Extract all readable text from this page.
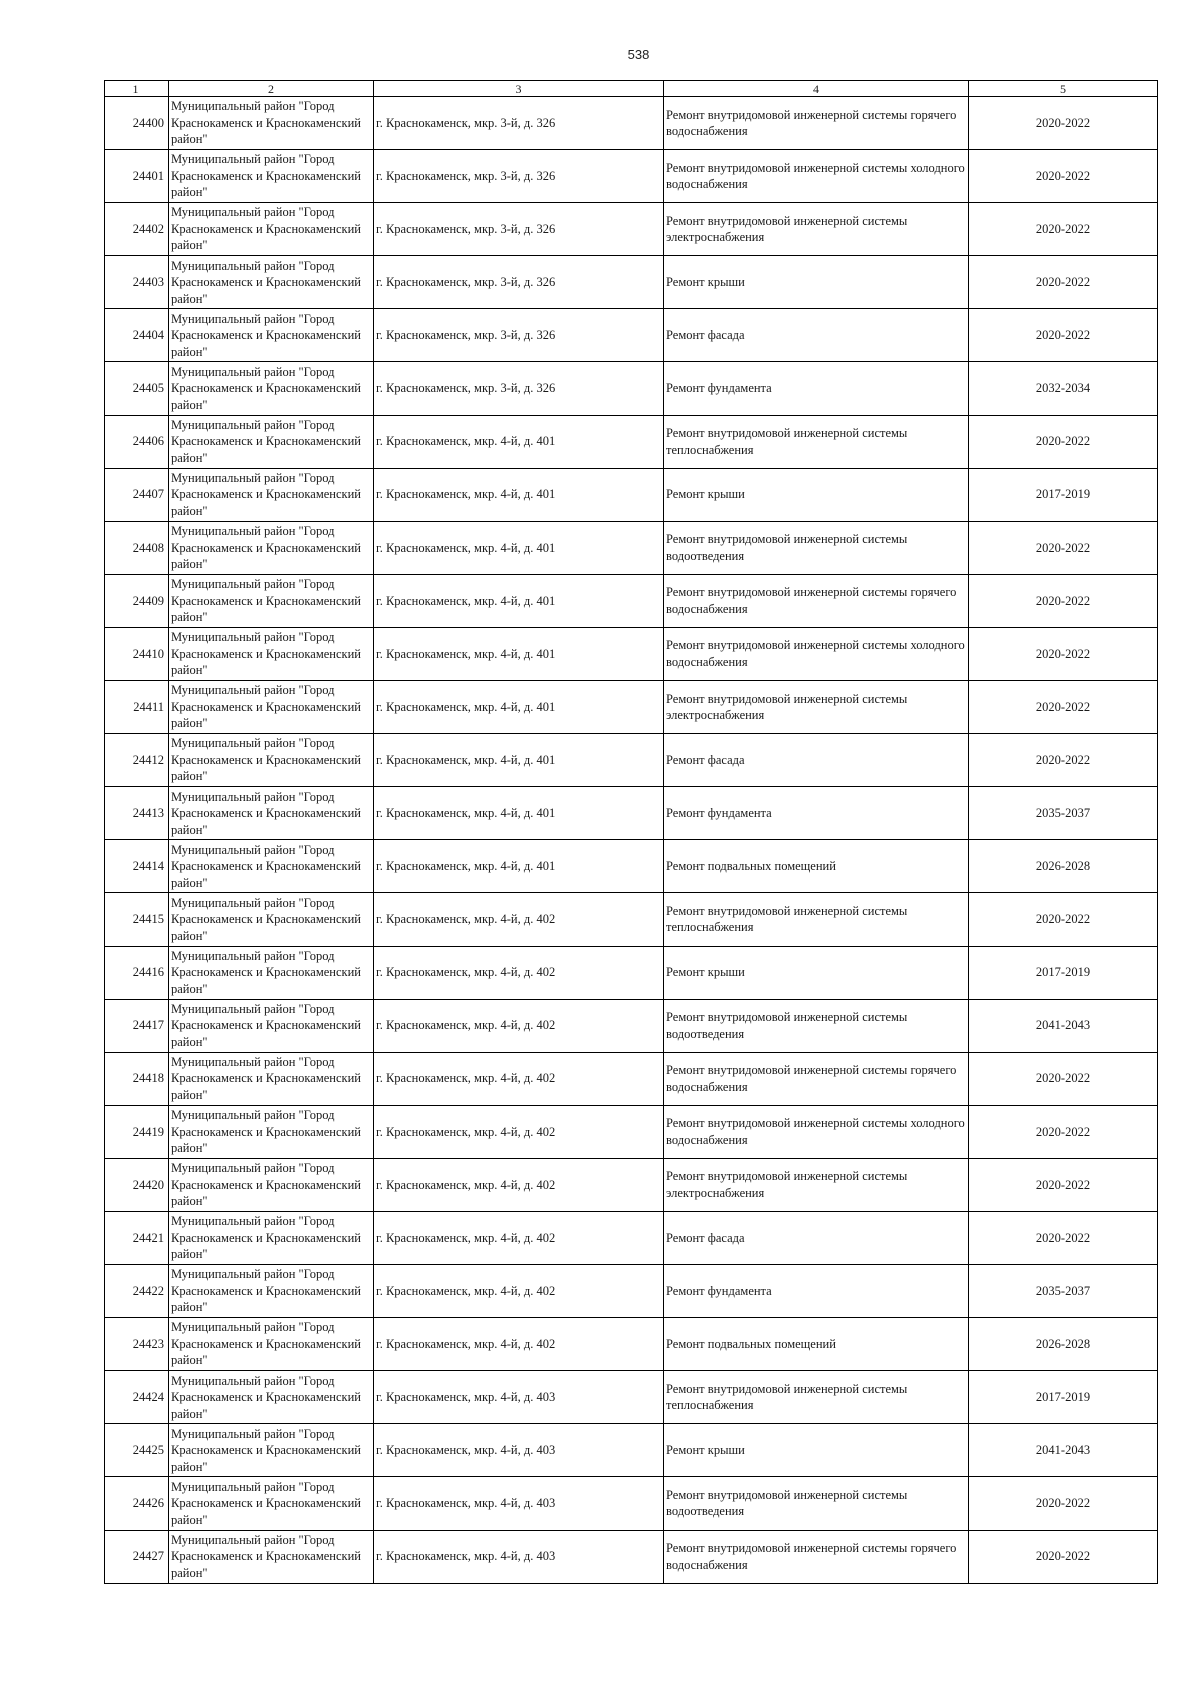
538
1	2	3	4	5
24400	Муниципальный район "Город Краснокаменск и Краснокаменский район"	г. Краснокаменск, мкр. 3-й, д. 326	Ремонт внутридомовой инженерной системы горячего водоснабжения	2020-2022
24401	Муниципальный район "Город Краснокаменск и Краснокаменский район"	г. Краснокаменск, мкр. 3-й, д. 326	Ремонт внутридомовой инженерной системы холодного водоснабжения	2020-2022
24402	Муниципальный район "Город Краснокаменск и Краснокаменский район"	г. Краснокаменск, мкр. 3-й, д. 326	Ремонт внутридомовой инженерной системы электроснабжения	2020-2022
24403	Муниципальный район "Город Краснокаменск и Краснокаменский район"	г. Краснокаменск, мкр. 3-й, д. 326	Ремонт крыши	2020-2022
24404	Муниципальный район "Город Краснокаменск и Краснокаменский район"	г. Краснокаменск, мкр. 3-й, д. 326	Ремонт фасада	2020-2022
24405	Муниципальный район "Город Краснокаменск и Краснокаменский район"	г. Краснокаменск, мкр. 3-й, д. 326	Ремонт фундамента	2032-2034
24406	Муниципальный район "Город Краснокаменск и Краснокаменский район"	г. Краснокаменск, мкр. 4-й, д. 401	Ремонт внутридомовой инженерной системы теплоснабжения	2020-2022
24407	Муниципальный район "Город Краснокаменск и Краснокаменский район"	г. Краснокаменск, мкр. 4-й, д. 401	Ремонт крыши	2017-2019
24408	Муниципальный район "Город Краснокаменск и Краснокаменский район"	г. Краснокаменск, мкр. 4-й, д. 401	Ремонт внутридомовой инженерной системы водоотведения	2020-2022
24409	Муниципальный район "Город Краснокаменск и Краснокаменский район"	г. Краснокаменск, мкр. 4-й, д. 401	Ремонт внутридомовой инженерной системы горячего водоснабжения	2020-2022
24410	Муниципальный район "Город Краснокаменск и Краснокаменский район"	г. Краснокаменск, мкр. 4-й, д. 401	Ремонт внутридомовой инженерной системы холодного водоснабжения	2020-2022
24411	Муниципальный район "Город Краснокаменск и Краснокаменский район"	г. Краснокаменск, мкр. 4-й, д. 401	Ремонт внутридомовой инженерной системы электроснабжения	2020-2022
24412	Муниципальный район "Город Краснокаменск и Краснокаменский район"	г. Краснокаменск, мкр. 4-й, д. 401	Ремонт фасада	2020-2022
24413	Муниципальный район "Город Краснокаменск и Краснокаменский район"	г. Краснокаменск, мкр. 4-й, д. 401	Ремонт фундамента	2035-2037
24414	Муниципальный район "Город Краснокаменск и Краснокаменский район"	г. Краснокаменск, мкр. 4-й, д. 401	Ремонт подвальных помещений	2026-2028
24415	Муниципальный район "Город Краснокаменск и Краснокаменский район"	г. Краснокаменск, мкр. 4-й, д. 402	Ремонт внутридомовой инженерной системы теплоснабжения	2020-2022
24416	Муниципальный район "Город Краснокаменск и Краснокаменский район"	г. Краснокаменск, мкр. 4-й, д. 402	Ремонт крыши	2017-2019
24417	Муниципальный район "Город Краснокаменск и Краснокаменский район"	г. Краснокаменск, мкр. 4-й, д. 402	Ремонт внутридомовой инженерной системы водоотведения	2041-2043
24418	Муниципальный район "Город Краснокаменск и Краснокаменский район"	г. Краснокаменск, мкр. 4-й, д. 402	Ремонт внутридомовой инженерной системы горячего водоснабжения	2020-2022
24419	Муниципальный район "Город Краснокаменск и Краснокаменский район"	г. Краснокаменск, мкр. 4-й, д. 402	Ремонт внутридомовой инженерной системы холодного водоснабжения	2020-2022
24420	Муниципальный район "Город Краснокаменск и Краснокаменский район"	г. Краснокаменск, мкр. 4-й, д. 402	Ремонт внутридомовой инженерной системы электроснабжения	2020-2022
24421	Муниципальный район "Город Краснокаменск и Краснокаменский район"	г. Краснокаменск, мкр. 4-й, д. 402	Ремонт фасада	2020-2022
24422	Муниципальный район "Город Краснокаменск и Краснокаменский район"	г. Краснокаменск, мкр. 4-й, д. 402	Ремонт фундамента	2035-2037
24423	Муниципальный район "Город Краснокаменск и Краснокаменский район"	г. Краснокаменск, мкр. 4-й, д. 402	Ремонт подвальных помещений	2026-2028
24424	Муниципальный район "Город Краснокаменск и Краснокаменский район"	г. Краснокаменск, мкр. 4-й, д. 403	Ремонт внутридомовой инженерной системы теплоснабжения	2017-2019
24425	Муниципальный район "Город Краснокаменск и Краснокаменский район"	г. Краснокаменск, мкр. 4-й, д. 403	Ремонт крыши	2041-2043
24426	Муниципальный район "Город Краснокаменск и Краснокаменский район"	г. Краснокаменск, мкр. 4-й, д. 403	Ремонт внутридомовой инженерной системы водоотведения	2020-2022
24427	Муниципальный район "Город Краснокаменск и Краснокаменский район"	г. Краснокаменск, мкр. 4-й, д. 403	Ремонт внутридомовой инженерной системы горячего водоснабжения	2020-2022
